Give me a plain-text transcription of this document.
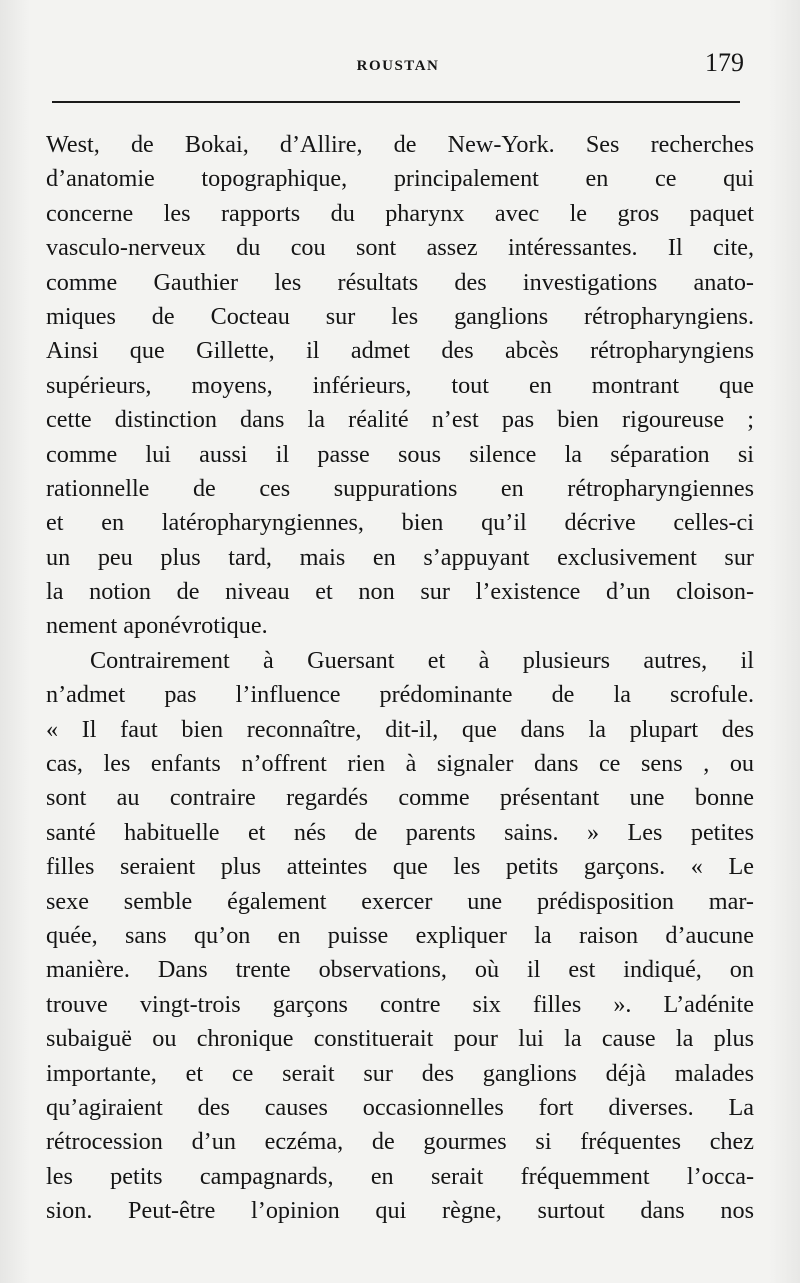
ROUSTAN	179
West, de Bokai, d’Allire, de New-York. Ses recherches
d’anatomie topographique, principalement en ce qui
concerne les rapports du pharynx avec le gros paquet
vasculo-nerveux du cou sont assez intéressantes. Il cite,
comme Gauthier les résultats des investigations anato-
miques de Cocteau sur les ganglions rétropharyngiens.
Ainsi que Gillette, il admet des abcès rétropharyngiens
supérieurs, moyens, inférieurs, tout en montrant que
cette distinction dans la réalité n’est pas bien rigoureuse ;
comme lui aussi il passe sous silence la séparation si
rationnelle de ces suppurations en rétropharyngiennes
et en latéropharyngiennes, bien qu’il décrive celles-ci
un peu plus tard, mais en s’appuyant exclusivement sur
la notion de niveau et non sur l’existence d’un cloison-
nement aponévrotique.
Contrairement à Guersant et à plusieurs autres, il
n’admet pas l’influence prédominante de la scrofule.
« Il faut bien reconnaître, dit-il, que dans la plupart des
cas, les enfants n’offrent rien à signaler dans ce sens , ou
sont au contraire regardés comme présentant une bonne
santé habituelle et nés de parents sains. » Les petites
filles seraient plus atteintes que les petits garçons. « Le
sexe semble également exercer une prédisposition mar-
quée, sans qu’on en puisse expliquer la raison d’aucune
manière. Dans trente observations, où il est indiqué, on
trouve vingt-trois garçons contre six filles ». L’adénite
subaiguë ou chronique constituerait pour lui la cause la plus
importante, et ce serait sur des ganglions déjà malades
qu’agiraient des causes occasionnelles fort diverses. La
rétrocession d’un eczéma, de gourmes si fréquentes chez
les petits campagnards, en serait fréquemment l’occa-
sion. Peut-être l’opinion qui règne, surtout dans nos
